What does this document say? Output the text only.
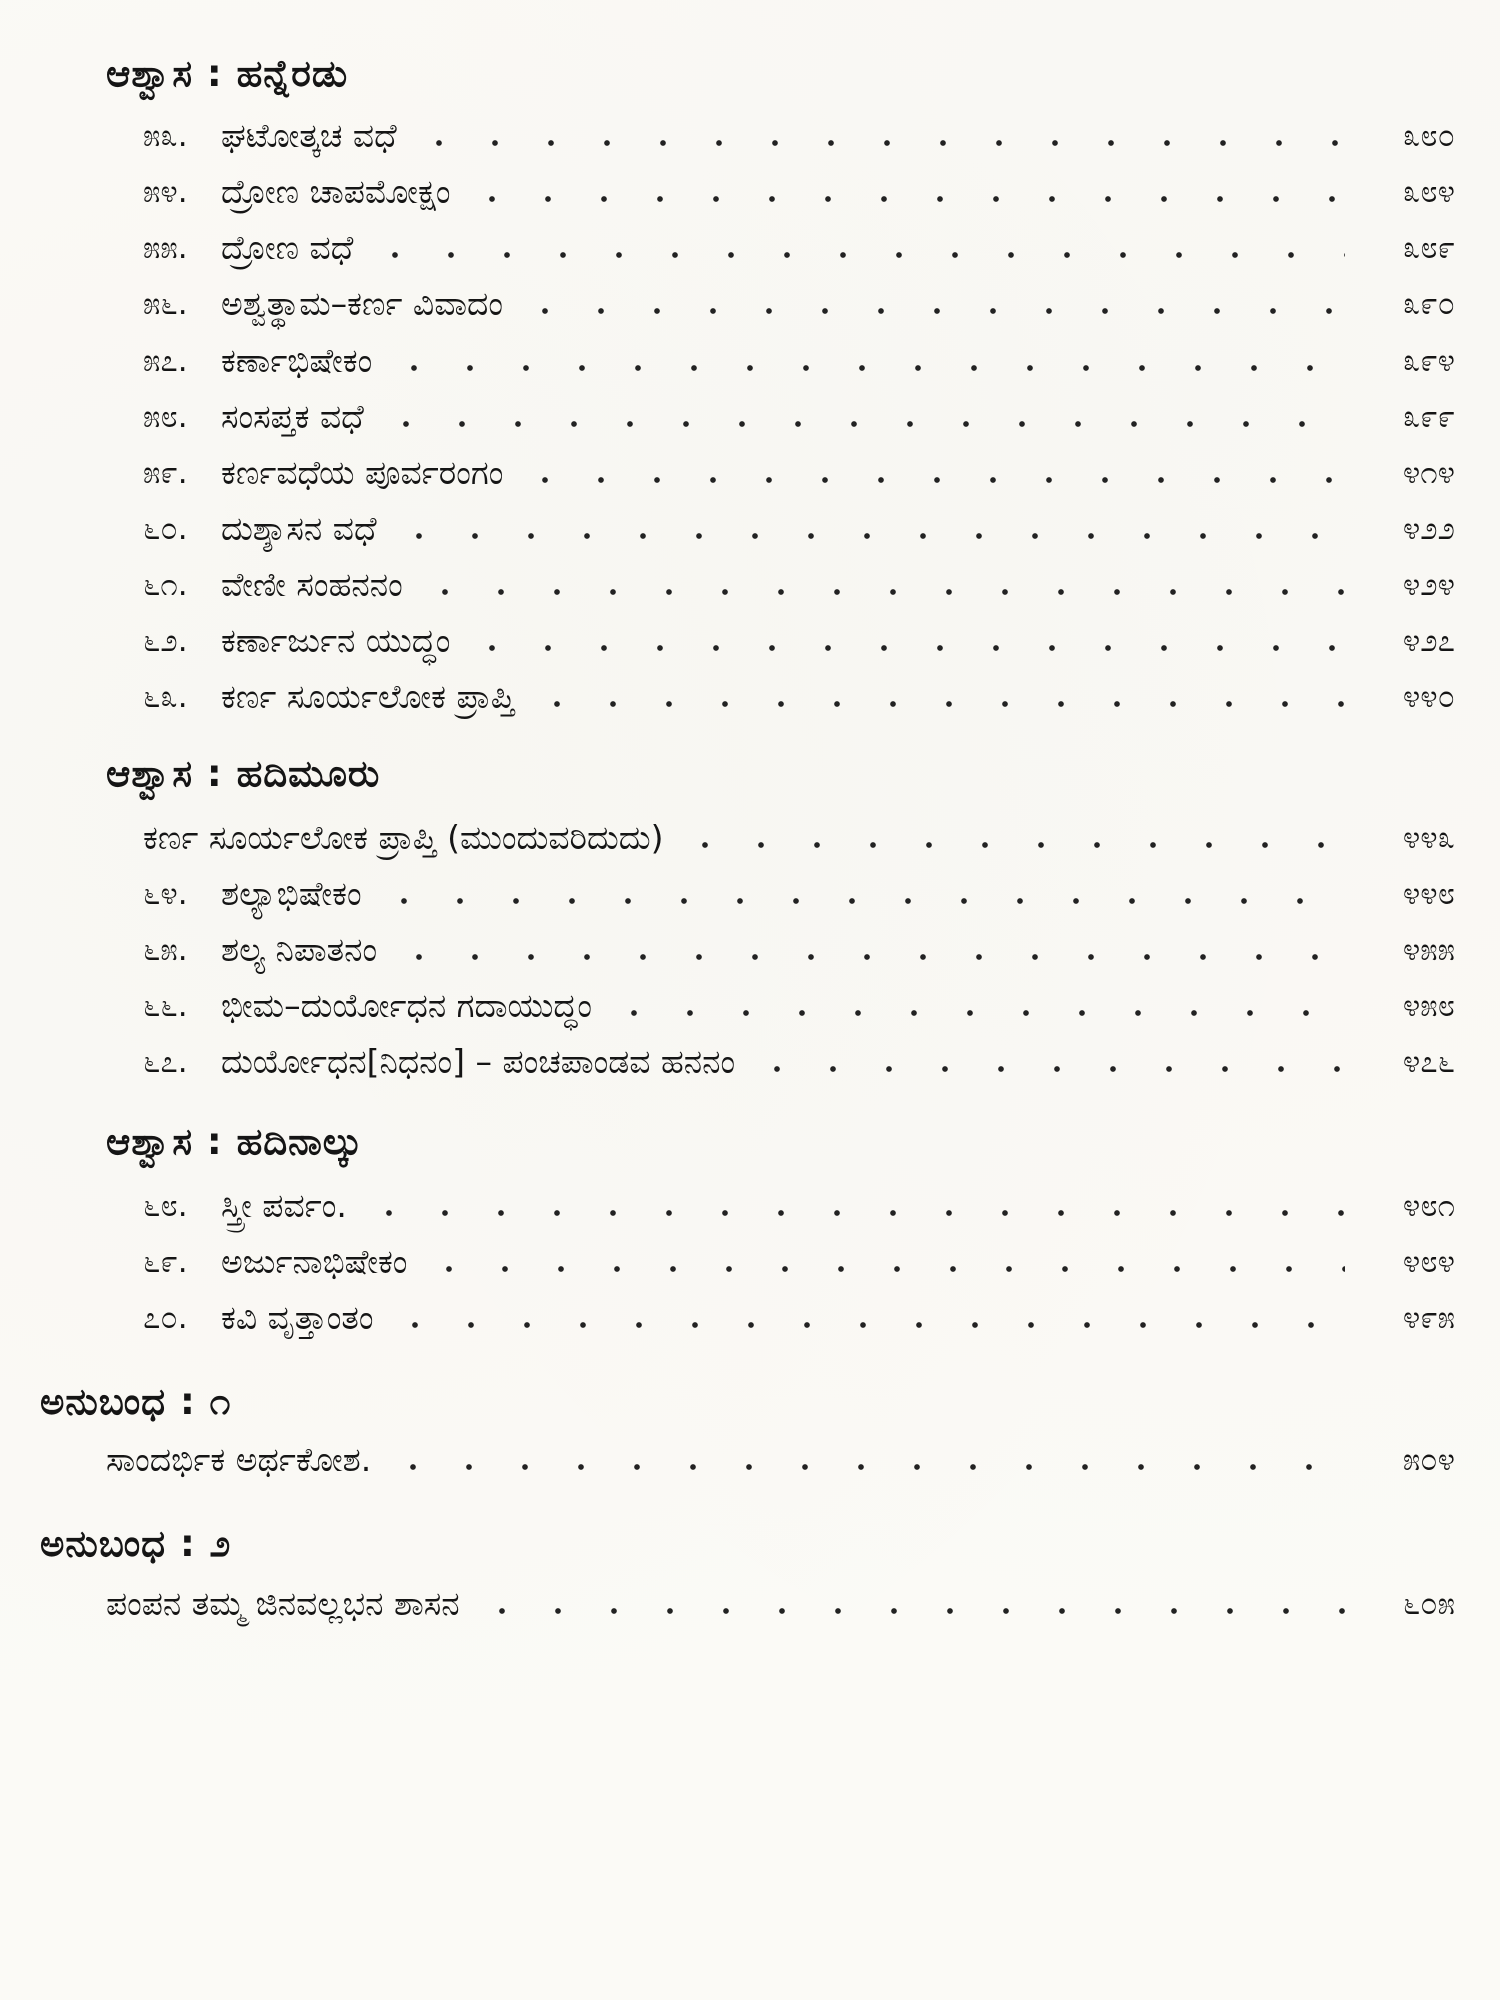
ಆಶ್ವಾಸ : ಹನ್ನೆರಡು
೫೩.	ಘಟೋತ್ಕಚ ವಧೆ	೩೮೦
೫೪.	ದ್ರೋಣ ಚಾಪಮೋಕ್ಷಂ	೩೮೪
೫೫.	ದ್ರೋಣ ವಧೆ	೩೮೯
೫೬.	ಅಶ್ವತ್ಥಾಮ–ಕರ್ಣ ವಿವಾದಂ	೩೯೦
೫೭.	ಕರ್ಣಾಭಿಷೇಕಂ	೩೯೪
೫೮.	ಸಂಸಪ್ತಕ ವಧೆ	೩೯೯
೫೯.	ಕರ್ಣವಧೆಯ ಪೂರ್ವರಂಗಂ	೪೧೪
೬೦.	ದುಶ್ಶಾಸನ ವಧೆ	೪೨೨
೬೧.	ವೇಣೀ ಸಂಹನನಂ	೪೨೪
೬೨.	ಕರ್ಣಾರ್ಜುನ ಯುದ್ಧಂ	೪೨೭
೬೩.	ಕರ್ಣ ಸೂರ್ಯಲೋಕ ಪ್ರಾಪ್ತಿ	೪೪೦
ಆಶ್ವಾಸ : ಹದಿಮೂರು
ಕರ್ಣ ಸೂರ್ಯಲೋಕ ಪ್ರಾಪ್ತಿ (ಮುಂದುವರಿದುದು)	೪೪೩
೬೪.	ಶಲ್ಯಾಭಿಷೇಕಂ	೪೪೮
೬೫.	ಶಲ್ಯ ನಿಪಾತನಂ	೪೫೫
೬೬.	ಭೀಮ–ದುರ್ಯೋಧನ ಗದಾಯುದ್ಧಂ	೪೫೮
೬೭.	ದುರ್ಯೋಧನ[ನಿಧನಂ] – ಪಂಚಪಾಂಡವ ಹನನಂ	೪೭೬
ಆಶ್ವಾಸ : ಹದಿನಾಲ್ಕು
೬೮.	ಸ್ತ್ರೀ ಪರ್ವಂ.	೪೮೧
೬೯.	ಅರ್ಜುನಾಭಿಷೇಕಂ	೪೮೪
೭೦.	ಕವಿ ವೃತ್ತಾಂತಂ	೪೯೫
ಅನುಬಂಧ : ೧
ಸಾಂದರ್ಭಿಕ ಅರ್ಥಕೋಶ.	೫೦೪
ಅನುಬಂಧ : ೨
ಪಂಪನ ತಮ್ಮ ಜಿನವಲ್ಲಭನ ಶಾಸನ	೬೦೫
